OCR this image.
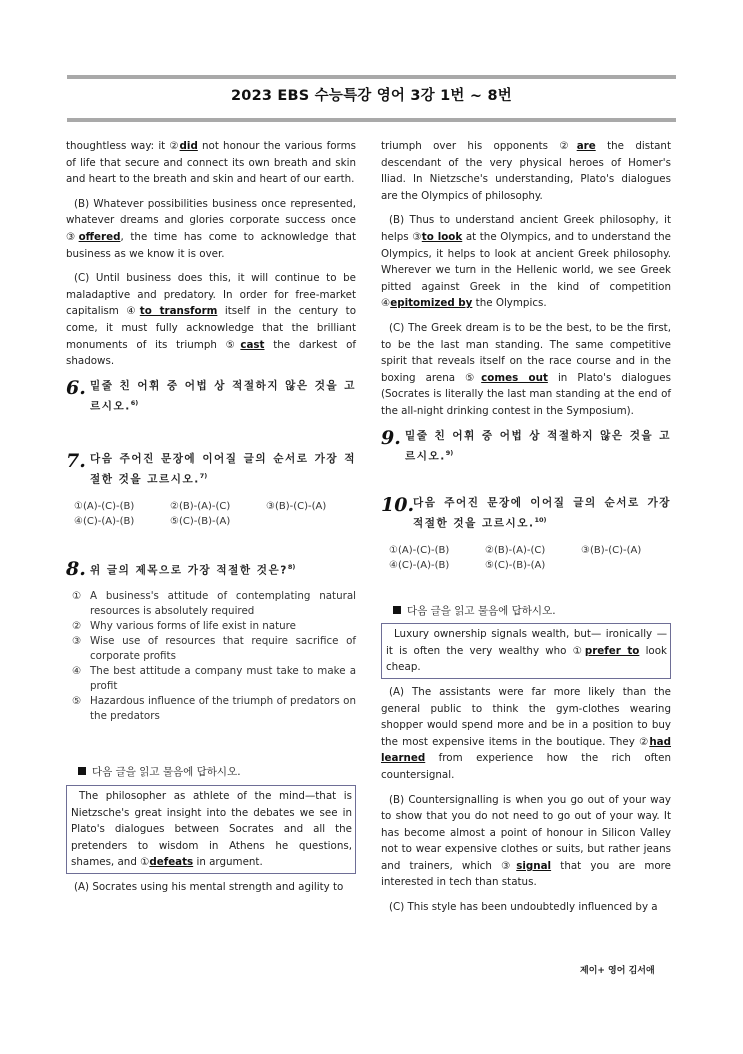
2023 EBS 수능특강 영어 3강 1번 ~ 8번

thoughtless way: it ②did not honour the various forms of life that secure and connect its own breath and skin and heart to the breath and skin and heart of our earth.

(B) Whatever possibilities business once represented, whatever dreams and glories corporate success once ③offered, the time has come to acknowledge that business as we know it is over.

(C) Until business does this, it will continue to be maladaptive and predatory. In order for free-market capitalism ④to transform itself in the century to come, it must fully acknowledge that the brilliant monuments of its triumph ⑤cast the darkest of shadows.

6. 밑줄 친 어휘 중 어법 상 적절하지 않은 것을 고르시오.$^{6)}$
7. 다음 주어진 문장에 이어질 글의 순서로 가장 적절한 것을 고르시오.$^{7)}$
①(A)-(C)-(B)	②(B)-(A)-(C)	③(B)-(C)-(A)
④(C)-(A)-(B)	⑤(C)-(B)-(A)
8. 위 글의 제목으로 가장 적절한 것은?$^{8)}$
① A business's attitude of contemplating natural resources is absolutely required
② Why various forms of life exist in nature
③ Wise use of resources that require sacrifice of corporate profits
④ The best attitude a company must take to make a profit
⑤ Hazardous influence of the triumph of predators on the predators
다음 글을 읽고 물음에 답하시오.

The philosopher as athlete of the mind—that is Nietzsche's great insight into the debates we see in Plato's dialogues between Socrates and all the pretenders to wisdom in Athens he questions, shames, and ①defeats in argument.

(A) Socrates using his mental strength and agility to

triumph over his opponents ②are the distant descendant of the very physical heroes of Homer's Iliad. In Nietzsche's understanding, Plato's dialogues are the Olympics of philosophy.

(B) Thus to understand ancient Greek philosophy, it helps ③to look at the Olympics, and to understand the Olympics, it helps to look at ancient Greek philosophy. Wherever we turn in the Hellenic world, we see Greek pitted against Greek in the kind of competition ④epitomized by the Olympics.

(C) The Greek dream is to be the best, to be the first, to be the last man standing. The same competitive spirit that reveals itself on the race course and in the boxing arena ⑤comes out in Plato's dialogues (Socrates is literally the last man standing at the end of the all-night drinking contest in the Symposium).

9. 밑줄 친 어휘 중 어법 상 적절하지 않은 것을 고르시오.$^{9)}$
10.
다음 주어진 문장에 이어질 글의 순서로 가장 적절한 것을 고르시오.$^{10)}$
①(A)-(C)-(B)	②(B)-(A)-(C)	③(B)-(C)-(A)
④(C)-(A)-(B)	⑤(C)-(B)-(A)
다음 글을 읽고 물음에 답하시오.

Luxury ownership signals wealth, but— ironically — it is often the very wealthy who ①prefer to look cheap.

(A) The assistants were far more likely than the general public to think the gym-clothes wearing shopper would spend more and be in a position to buy the most expensive items in the boutique. They ②had learned from experience how the rich often countersignal.

(B) Countersignalling is when you go out of your way to show that you do not need to go out of your way. It has become almost a point of honour in Silicon Valley not to wear expensive clothes or suits, but rather jeans and trainers, which ③signal that you are more interested in tech than status.

(C) This style has been undoubtedly influenced by a

제이+ 영어 김서애
